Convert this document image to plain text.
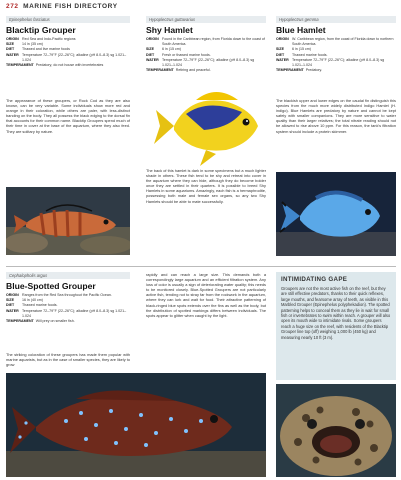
272 MARINE FISH DIRECTORY
Epinephelus fasciatus
Blacktip Grouper
ORIGIN Red Sea and Indo-Pacific regions
SIZE	14 in (35 cm)
DIET	Thawed and live marine foods
WATER Temperature 72–79°F (22–26°C); alkaline (pH 8.0–8.3) sg 1.021–1.024
TEMPERAMENT Predatory; do not house with invertebrates
The appearance of these groupers, or Rock Cod as they are also known, can be very variable. Some individuals show more red and orange in their coloration, while others are paler, with less-distinct banding on the body. They all possess the black edging to the dorsal fin that accounts for their common name. Blacktip Groupers spend much of their time in cover at the base of the aquarium, where they also feed. They are solitary by nature.
Hypoplectrus guttavarius
Shy Hamlet
ORIGIN Found in the Caribbean region, from Florida down to the coast of South America.
SIZE	6 in (15 cm)
DIET	Fresh or thawed marine foods.
WATER Temperature 72–79°F (22–26°C); alkaline (pH 8.0–8.3) sg 1.021–1.024
TEMPERAMENT Retiring and peaceful.
The back of this hamlet is dark in some specimens but a much lighter shade in others. These fish tend to be shy and retreat into cover in the aquarium where they can hide, although they do become bolder once they are settled in their quarters. It is possible to breed Shy Hamlets in some aquariums. Amazingly, each fish is a hermaphrodite, possessing both male and female sex organs, so any two Shy Hamlets should be able to mate successfully.
Hypoplectrus gemma
Blue Hamlet
ORIGIN W. Caribbean region, from the coast of Florida down to northern South America.
SIZE	6 in (15 cm)
DIET	Thawed marine foods.
WATER Temperature 72–79°F (22–26°C); alkaline (pH 8.0–8.3) sg 1.021–1.024
TEMPERAMENT Predatory.
The blackish upper and lower edges on the caudal fin distinguish this species from the much more widely distributed Indigo Hamlet (H. indigo). Blue Hamlets are predatory by nature and cannot be kept safely with smaller companions. They are more sensitive to water quality than their larger relatives; the total nitrate reading should not be allowed to rise above 10 ppm. For this reason, the tank's filtration system should include a protein skimmer.
Cephalopholis argus
Blue-Spotted Grouper
ORIGIN Ranges from the Red Sea throughout the Pacific Ocean.
SIZE	16 in (40 cm)
DIET	Thawed marine foods.
WATER Temperature 72–79°F (22–26°C); alkaline (pH 8.0–8.3) sg 1.021–1.024
TEMPERAMENT Will prey on smaller fish.
The striking coloration of these groupers has made them popular with marine aquarists, but as in the case of smaller species, they are likely to grow
rapidly and can reach a large size. This demands both a correspondingly large aquarium and an efficient filtration system. Any loss of color is usually a sign of deteriorating water quality; this needs to be monitored closely. Blue-Spotted Groupers are not particularly active fish, tending not to stray far from the rockwork in the aquarium, where they can lurk and wait for food. Their attractive patterning of black-ringed blue spots extends over the fins as well as the body, but the distribution of spotted markings differs between individuals. The spots appear to glitter when caught by the light.
INTIMIDATING GAPE
Groupers are not the most active fish on the reef, but they are still effective predators, thanks to their quick reflexes, large mouths, and fearsome array of teeth, as visible in this Marbled Grouper (Epinephelus polyphekadion). The spotted patterning helps to conceal them as they lie in wait for small fish or invertebrates to swim within reach. A grouper will also open its mouth wide to intimidate rivals. Some groupers reach a huge size on the reef, with residents of the Blacktip Grouper line top (off) weighing 1,000 lb (450 kg) and measuring nearly 10 ft (3 m).
